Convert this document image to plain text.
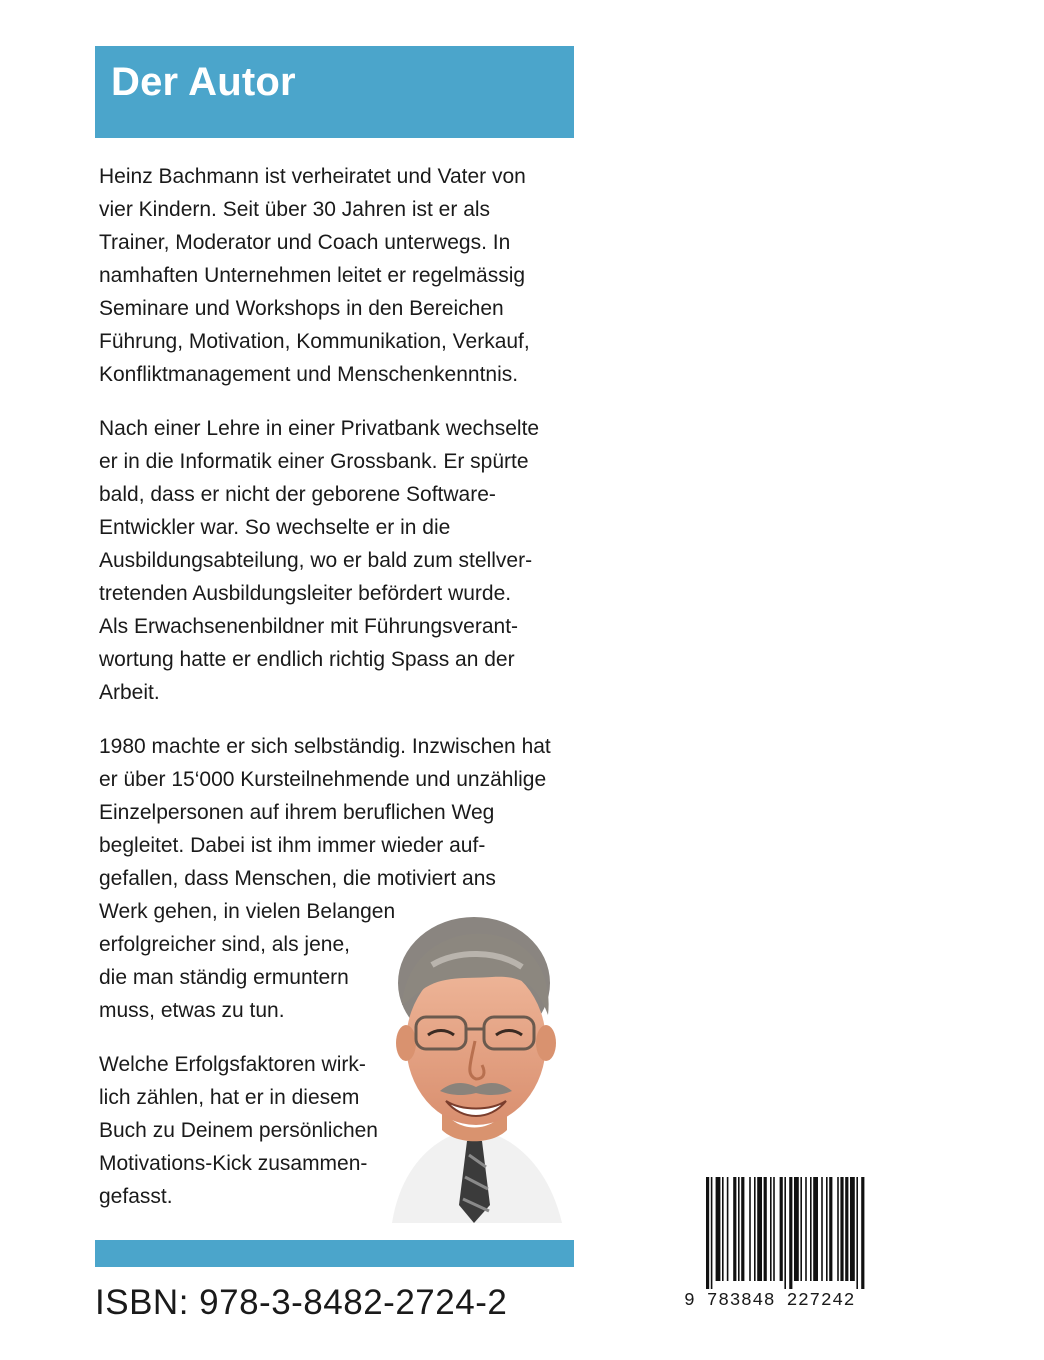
Der Autor

Heinz Bachmann ist verheiratet und Vater von
vier Kindern. Seit über 30 Jahren ist er als
Trainer, Moderator und Coach unterwegs. In
namhaften Unternehmen leitet er regelmässig
Seminare und Workshops in den Bereichen
Führung, Motivation, Kommunikation, Verkauf,
Konfliktmanagement und Menschenkenntnis.

Nach einer Lehre in einer Privatbank wechselte
er in die Informatik einer Grossbank. Er spürte
bald, dass er nicht der geborene Software-
Entwickler war. So wechselte er in die
Ausbildungsabteilung, wo er bald zum stellver-
tretenden Ausbildungsleiter befördert wurde.
Als Erwachsenenbildner mit Führungsverant-
wortung hatte er endlich richtig Spass an der
Arbeit.

1980 machte er sich selbständig. Inzwischen hat
er über 15‘000 Kursteilnehmende und unzählige
Einzelpersonen auf ihrem beruflichen Weg
begleitet. Dabei ist ihm immer wieder auf-
gefallen, dass Menschen, die motiviert ans
Werk gehen, in vielen Belangen
erfolgreicher sind, als jene,
die man ständig ermuntern
muss, etwas zu tun.

Welche Erfolgsfaktoren wirk-
lich zählen, hat er in diesem
Buch zu Deinem persönlichen
Motivations-Kick zusammen-
gefasst.

ISBN: 978-3-8482-2724-2	9 783848 227242
